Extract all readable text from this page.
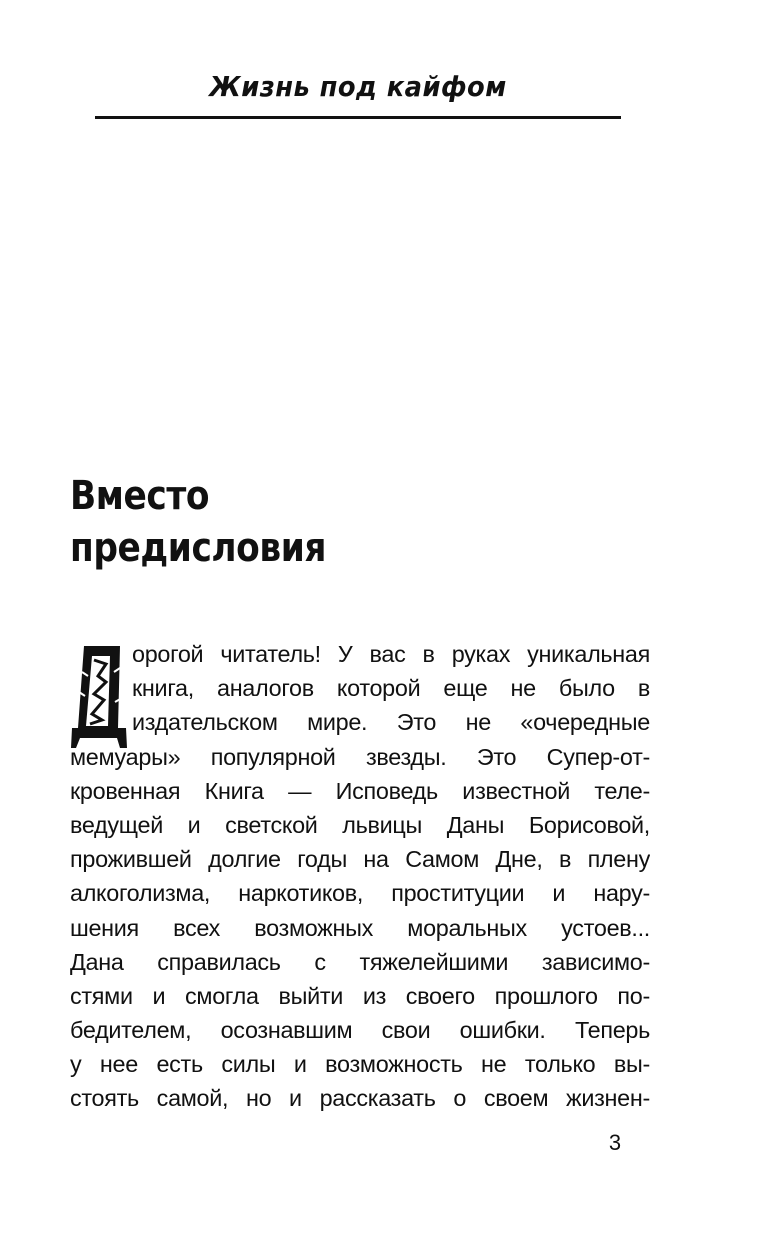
Жизнь под кайфом
Вместо
предисловия
орогой читатель! У вас в руках уникальная
книга, аналогов которой еще не было в
издательском мире. Это не «очередные
мемуары» популярной звезды. Это Супер-от-
кровенная Книга — Исповедь известной теле-
ведущей и светской львицы Даны Борисовой,
прожившей долгие годы на Самом Дне, в плену
алкоголизма, наркотиков, проституции и нару-
шения всех возможных моральных устоев...
Дана справилась с тяжелейшими зависимо-
стями и смогла выйти из своего прошлого по-
бедителем, осознавшим свои ошибки. Теперь
у нее есть силы и возможность не только вы-
стоять самой, но и рассказать о своем жизнен-
3
